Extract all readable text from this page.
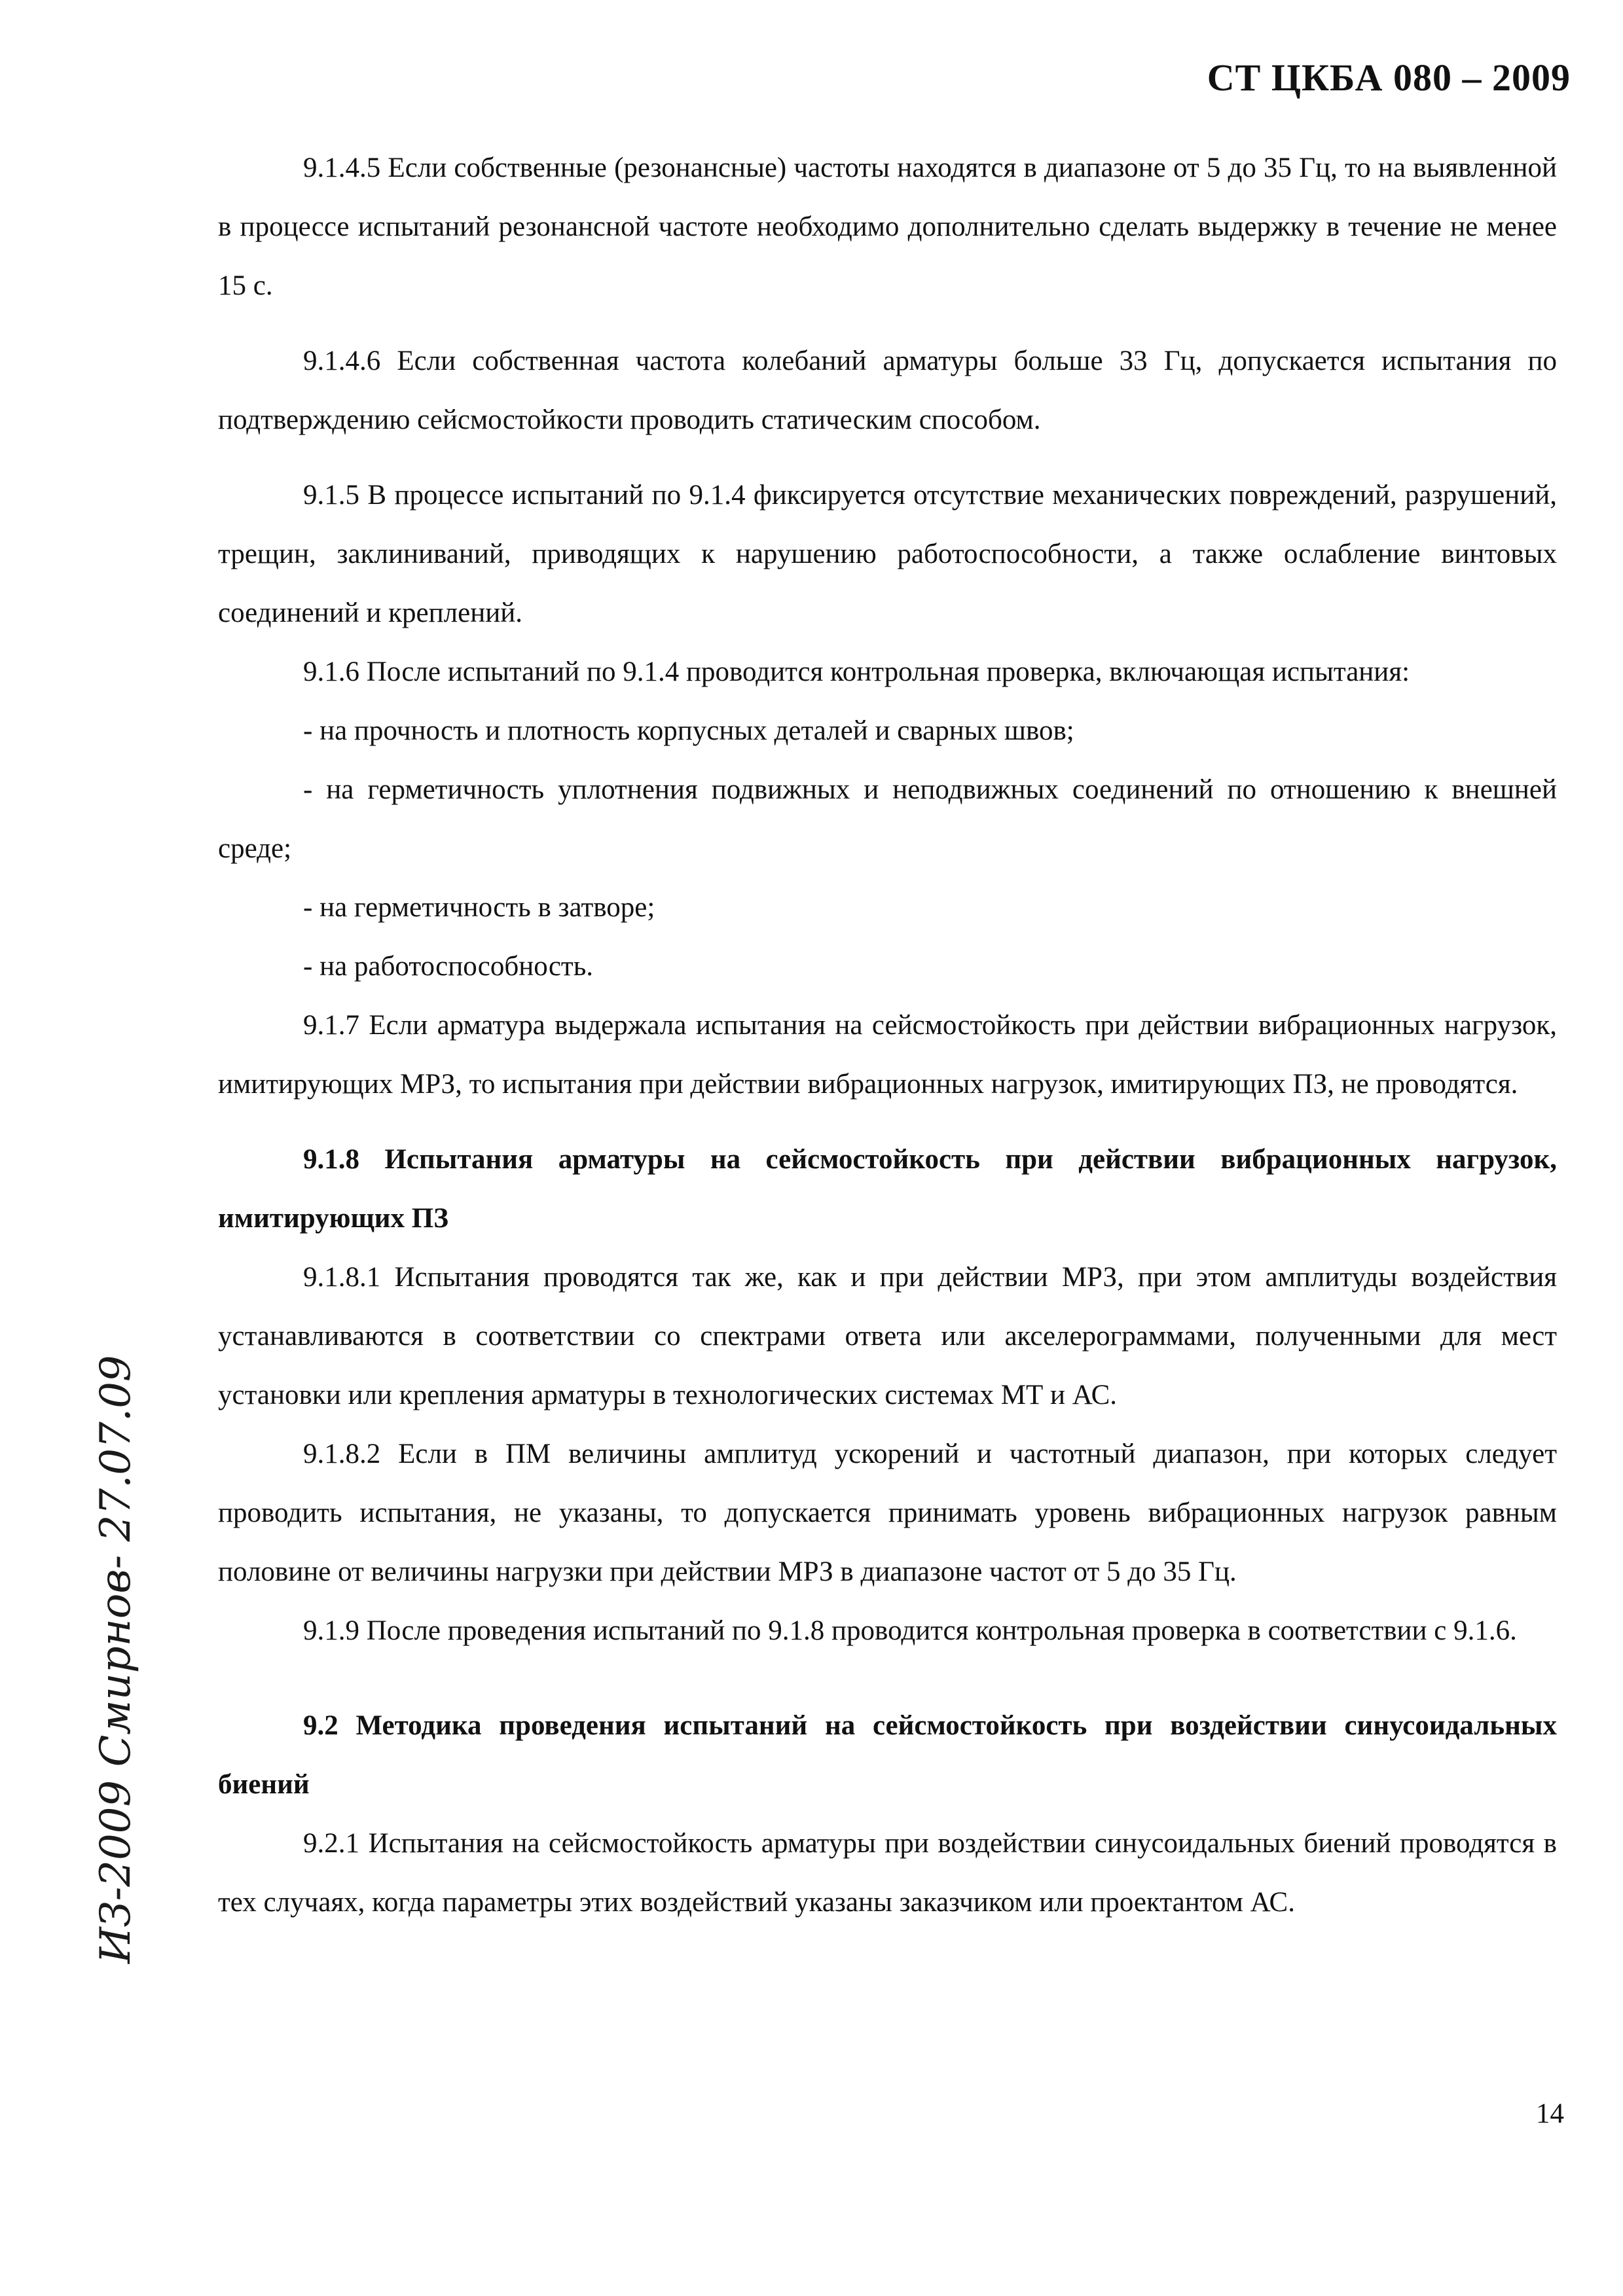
СТ ЦКБА 080 – 2009

9.1.4.5 Если собственные (резонансные) частоты находятся в диапазоне от 5 до 35 Гц, то на выявленной в процессе испытаний резонансной частоте необходимо дополнительно сделать выдержку в течение не менее 15 с.

9.1.4.6 Если собственная частота колебаний арматуры больше 33 Гц, допускается испытания по подтверждению сейсмостойкости проводить статическим способом.

9.1.5 В процессе испытаний по 9.1.4 фиксируется отсутствие механических повреждений, разрушений, трещин, заклиниваний, приводящих к нарушению работоспособности, а также ослабление винтовых соединений и креплений.

9.1.6 После испытаний по 9.1.4 проводится контрольная проверка, включающая испытания:

- на прочность и плотность корпусных деталей и сварных швов;

- на герметичность уплотнения подвижных и неподвижных соединений по отношению к внешней среде;

- на герметичность в затворе;

- на работоспособность.

9.1.7 Если арматура выдержала испытания на сейсмостойкость при действии вибрационных нагрузок, имитирующих МРЗ, то испытания при действии вибрационных нагрузок, имитирующих ПЗ, не проводятся.

9.1.8 Испытания арматуры на сейсмостойкость при действии вибрационных нагрузок, имитирующих ПЗ

9.1.8.1 Испытания проводятся так же, как и при действии МРЗ, при этом амплитуды воздействия устанавливаются в соответствии со спектрами ответа или акселерограммами, полученными для мест установки или крепления арматуры в технологических системах МТ и АС.

9.1.8.2 Если в ПМ величины амплитуд ускорений и частотный диапазон, при которых следует проводить испытания, не указаны, то допускается принимать уровень вибрационных нагрузок равным половине от величины нагрузки при действии МРЗ в диапазоне частот от 5 до 35 Гц.

9.1.9 После проведения испытаний по 9.1.8 проводится контрольная проверка в соответствии с 9.1.6.

9.2 Методика проведения испытаний на сейсмостойкость при воздействии синусоидальных биений

9.2.1 Испытания на сейсмостойкость арматуры при воздействии синусоидальных биений проводятся в тех случаях, когда параметры этих воздействий указаны заказчиком или проектантом АС.

ИЗ-2009 Смирнов- 27.07.09
14
